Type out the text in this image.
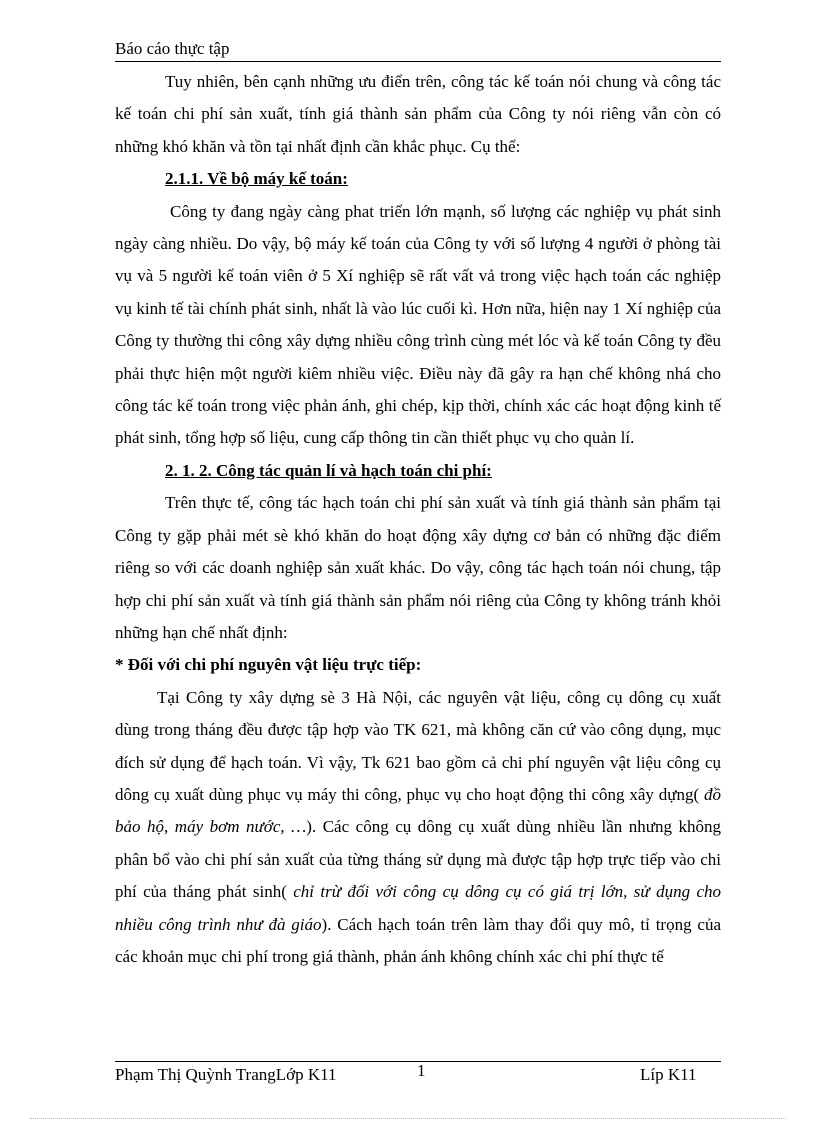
Báo cáo thực tập

Tuy nhiên, bên cạnh những ưu điển trên, công tác kế toán nói chung và công tác kế toán chi phí sản xuất, tính giá thành sản phẩm của Công ty nói riêng vẫn còn có những khó khăn và tồn tại nhất định cần khắc phục. Cụ thể:

2.1.1. Về bộ máy kế toán:

Công ty đang ngày càng phat triển lớn mạnh, số lượng các nghiệp vụ phát sinh ngày càng nhiều. Do vậy, bộ máy kế toán của Công ty với số lượng 4 người ở phòng tài vụ và 5 người kế toán viên ở 5 Xí nghiệp sẽ rất vất vả trong việc hạch toán các nghiệp vụ kinh tế tài chính phát sinh, nhất là vào lúc cuối kì. Hơn nữa, hiện nay 1 Xí nghiệp của Công ty thường thi công xây dựng nhiều công trình cùng mét lóc và kế toán Công ty đều phải thực hiện một người kiêm nhiều việc. Điều này đã gây ra hạn chế không nhá cho công tác kế toán trong việc phản ánh, ghi chép, kịp thời, chính xác các hoạt động kinh tế phát sinh, tổng hợp số liệu, cung cấp thông tin cần thiết phục vụ cho quản lí.

2. 1. 2. Công tác quản lí và hạch toán chi phí:

Trên thực tế, công tác hạch toán chi phí sản xuất và tính giá thành sản phẩm tại Công ty gặp phải mét sè khó khăn do hoạt động xây dựng cơ bản có những đặc điểm riêng so với các doanh nghiệp sản xuất khác. Do vậy, công tác hạch toán nói chung, tập hợp chi phí sản xuất và tính giá thành sản phẩm nói riêng của Công ty không tránh khỏi những hạn chế nhất định:

* Đối với chi phí nguyên vật liệu trực tiếp:

Tại Công ty xây dựng sè 3 Hà Nội, các nguyên vật liệu, công cụ dông cụ xuất dùng trong tháng đều được tập hợp vào TK 621, mà không căn cứ vào công dụng, mục đích sử dụng để hạch toán. Vì vậy, Tk 621 bao gồm cả chi phí nguyên vật liệu công cụ dông cụ xuất dùng phục vụ máy thi công, phục vụ cho hoạt động thi công xây dựng( đồ bảo hộ, máy bơm nước, …). Các công cụ dông cụ xuất dùng nhiều lần nhưng không phân bổ vào chi phí sản xuất của từng tháng sử dụng mà được tập hợp trực tiếp vào chi phí của tháng phát sinh( chỉ trừ đối với công cụ dông cụ có giá trị lớn, sử dụng cho nhiều công trình như đà giáo). Cách hạch toán trên làm thay đổi quy mô, tỉ trọng của các khoản mục chi phí trong giá thành, phản ánh không chính xác chi phí thực tế

Phạm Thị Quỳnh TrangLớp K11	1	Líp K11
